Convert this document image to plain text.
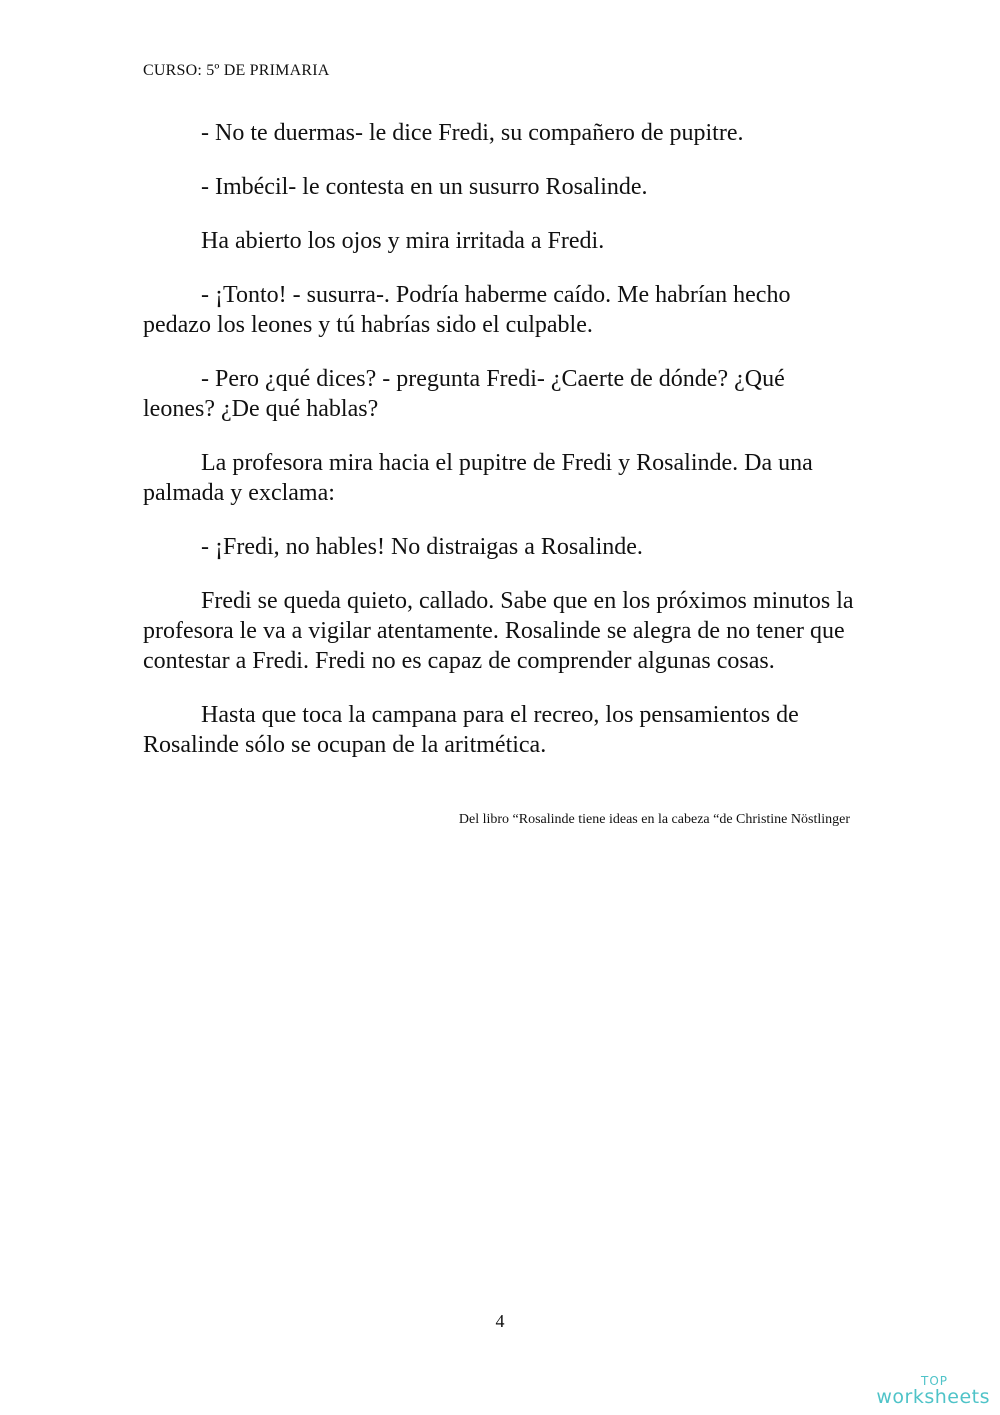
CURSO: 5º DE PRIMARIA

- No te duermas- le dice Fredi, su compañero de pupitre.

- Imbécil- le contesta en un susurro Rosalinde.

Ha abierto los ojos y mira irritada a Fredi.

- ¡Tonto! - susurra-. Podría haberme caído. Me habrían hecho pedazo los leones y tú habrías sido el culpable.

- Pero ¿qué dices? - pregunta Fredi- ¿Caerte de dónde? ¿Qué leones? ¿De qué hablas?

La profesora mira hacia el pupitre de Fredi y Rosalinde. Da una palmada y exclama:

- ¡Fredi, no hables! No distraigas a Rosalinde.

Fredi se queda quieto, callado. Sabe que en los próximos minutos la profesora le va a vigilar atentamente. Rosalinde se alegra de no tener que contestar a Fredi. Fredi no es capaz de comprender algunas cosas.

Hasta que toca la campana para el recreo, los pensamientos de Rosalinde sólo se ocupan de la aritmética.

Del libro “Rosalinde tiene ideas en la cabeza “de Christine Nöstlinger
4
TOP
worksheets
